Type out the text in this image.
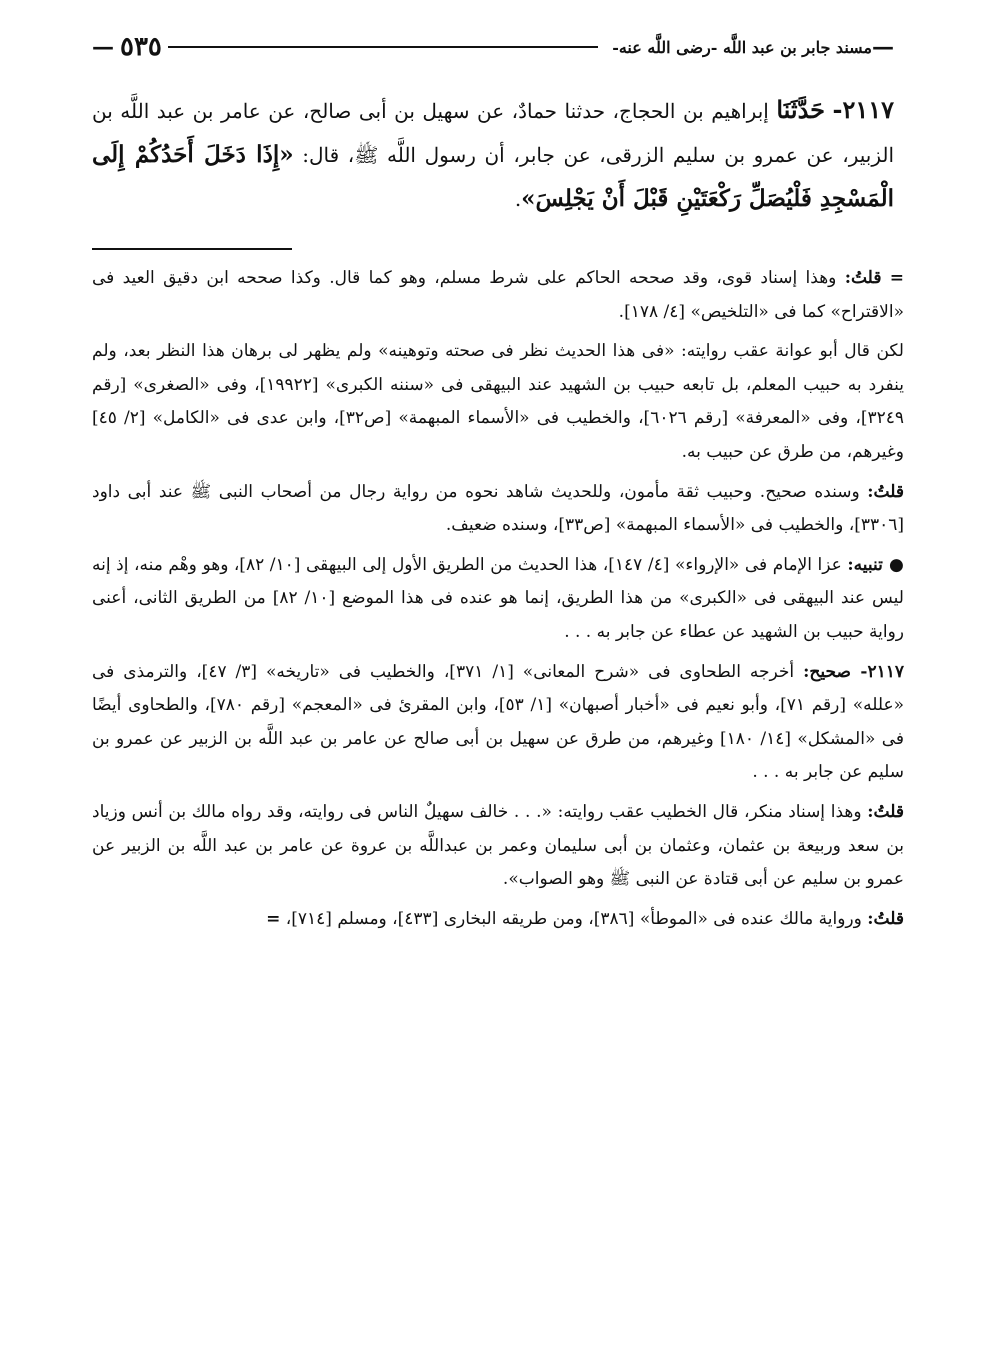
—
مسند جابر بن عبد اللَّه -رضى اللَّه عنه-
٥٣٥
—
٢١١٧- حَدَّثَنَا إبراهيم بن الحجاج، حدثنا حمادٌ، عن سهيل بن أبى صالح، عن عامر بن عبد اللَّه بن الزبير، عن عمرو بن سليم الزرقى، عن جابر، أن رسول اللَّه ﷺ، قال: «إِذَا دَخَلَ أَحَدُكُمْ إِلَى الْمَسْجِدِ فَلْيُصَلِّ رَكْعَتَيْنِ قَبْلَ أَنْ يَجْلِسَ».

= قلتُ: وهذا إسناد قوى، وقد صححه الحاكم على شرط مسلم، وهو كما قال. وكذا صححه ابن دقيق العيد فى «الاقتراح» كما فى «التلخيص» [٤/ ١٧٨].

لكن قال أبو عوانة عقب روايته: «فى هذا الحديث نظر فى صحته وتوهينه» ولم يظهر لى برهان هذا النظر بعد، ولم ينفرد به حبيب المعلم، بل تابعه حبيب بن الشهيد عند البيهقى فى «سننه الكبرى» [١٩٩٢٢]، وفى «الصغرى» [رقم ٣٢٤٩]، وفى «المعرفة» [رقم ٦٠٢٦]، والخطيب فى «الأسماء المبهمة» [ص٣٢]، وابن عدى فى «الكامل» [٢/ ٤٥] وغيرهم، من طرق عن حبيب به.

قلتُ: وسنده صحيح. وحبيب ثقة مأمون، وللحديث شاهد نحوه من رواية رجال من أصحاب النبى ﷺ عند أبى داود [٣٣٠٦]، والخطيب فى «الأسماء المبهمة» [ص٣٣]، وسنده ضعيف.

● تنبيه: عزا الإمام فى «الإرواء» [٤/ ١٤٧]، هذا الحديث من الطريق الأول إلى البيهقى [١٠/ ٨٢]، وهو وهْم منه، إذ إنه ليس عند البيهقى فى «الكبرى» من هذا الطريق، إنما هو عنده فى هذا الموضع [١٠/ ٨٢] من الطريق الثانى، أعنى رواية حبيب بن الشهيد عن عطاء عن جابر به . . .

٢١١٧- صحيح: أخرجه الطحاوى فى «شرح المعانى» [١/ ٣٧١]، والخطيب فى «تاريخه» [٣/ ٤٧]، والترمذى فى «علله» [رقم ٧١]، وأبو نعيم فى «أخبار أصبهان» [١/ ٥٣]، وابن المقرئ فى «المعجم» [رقم ٧٨٠]، والطحاوى أيضًا فى «المشكل» [١٤/ ١٨٠] وغيرهم، من طرق عن سهيل بن أبى صالح عن عامر بن عبد اللَّه بن الزبير عن عمرو بن سليم عن جابر به . . .

قلتُ: وهذا إسناد منكر، قال الخطيب عقب روايته: «. . . خالف سهيلٌ الناس فى روايته، وقد رواه مالك بن أنس وزياد بن سعد وربيعة بن عثمان، وعثمان بن أبى سليمان وعمر بن عبداللَّه بن عروة عن عامر بن عبد اللَّه بن الزبير عن عمرو بن سليم عن أبى قتادة عن النبى ﷺ وهو الصواب».

قلتُ: ورواية مالك عنده فى «الموطأ» [٣٨٦]، ومن طريقه البخارى [٤٣٣]، ومسلم [٧١٤]، =
